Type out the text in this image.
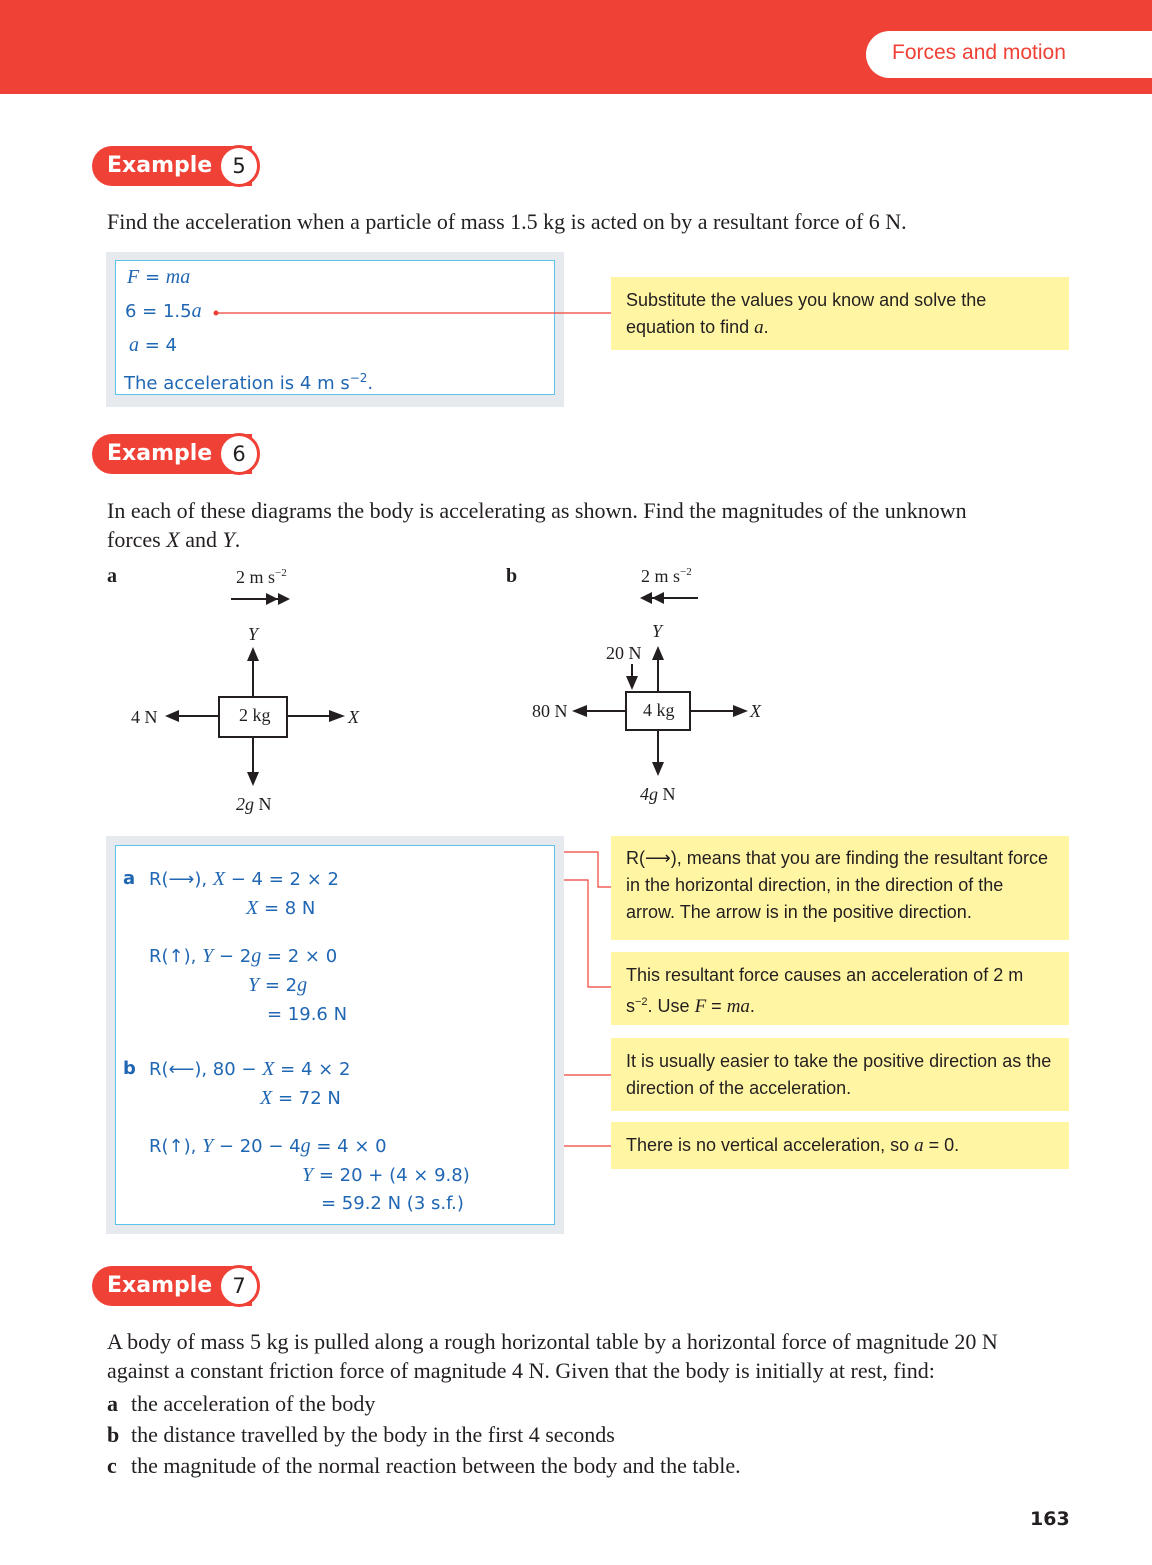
Forces and motion
Example 5
Find the acceleration when a particle of mass 1.5 kg is acted on by a resultant force of 6 N.
F = ma
6 = 1.5a
a = 4
The acceleration is 4 m $s^{-2}$.
Substitute the values you know and solve the equation to find a.
Example 6
In each of these diagrams the body is accelerating as shown. Find the magnitudes of the unknown
forces X and Y.
a	2 m $s^{-2}$
Y
4 N	X
2 kg
2g N
b	2 m $s^{-2}$
Y
20 N
80 N	X
4 kg
4g N
a R(⟶), X − 4 = 2 × 2
X = 8 N
R(↑), Y − 2g = 2 × 0
Y = 2g
= 19.6 N
b R(⟵), 80 − X = 4 × 2
X = 72 N
R(↑), Y − 20 − 4g = 4 × 0
Y = 20 + (4 × 9.8)
= 59.2 N (3 s.f.)
R(⟶), means that you are finding the resultant force in the horizontal direction, in the direction of the arrow. The arrow is in the positive direction.
This resultant force causes an acceleration of 2 m $s^{-2}$. Use F = ma.
It is usually easier to take the positive direction as the direction of the acceleration.
There is no vertical acceleration, so a = 0.
Example 7
A body of mass 5 kg is pulled along a rough horizontal table by a horizontal force of magnitude 20 N
against a constant friction force of magnitude 4 N. Given that the body is initially at rest, find:
a the acceleration of the body
b the distance travelled by the body in the first 4 seconds
c the magnitude of the normal reaction between the body and the table.
163
